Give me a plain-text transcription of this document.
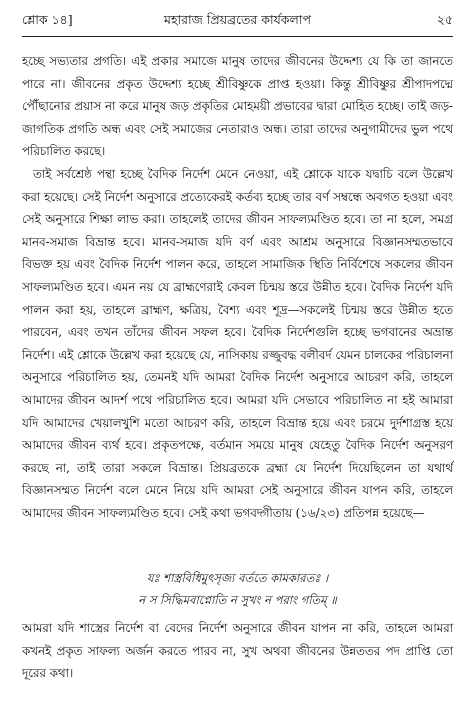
শ্লোক ১৪]	মহারাজ প্রিয়ব্রতের কার্যকলাপ	২৫

হচ্ছে সভ্যতার প্রগতি। এই প্রকার সমাজে মানুষ তাদের জীবনের উদ্দেশ্য যে কি তা জানতে পারে না। জীবনের প্রকৃত উদ্দেশ্য হচ্ছে শ্রীবিষ্ণুকে প্রাপ্ত হওয়া। কিন্তু শ্রীবিষ্ণুর শ্রীপাদপদ্মে পৌঁছানোর প্রয়াস না করে মানুষ জড় প্রকৃতির মোহময়ী প্রভাবের দ্বারা মোহিত হচ্ছে। তাই জড়-জাগতিক প্রগতি অন্ধ এবং সেই সমাজের নেতারাও অন্ধ। তারা তাদের অনুগামীদের ভুল পথে পরিচালিত করছে।

তাই সর্বশ্রেষ্ঠ পন্থা হচ্ছে বৈদিক নির্দেশ মেনে নেওয়া, এই শ্লোকে যাকে যদ্বাচি বলে উল্লেখ করা হয়েছে। সেই নির্দেশ অনুসারে প্রত্যেকেরই কর্তব্য হচ্ছে তার বর্ণ সম্বন্ধে অবগত হওয়া এবং সেই অনুসারে শিক্ষা লাভ করা। তাহলেই তাদের জীবন সাফল্যমণ্ডিত হবে। তা না হলে, সমগ্র মানব-সমাজ বিভ্রান্ত হবে। মানব-সমাজ যদি বর্ণ এবং আশ্রম অনুসারে বিজ্ঞানসম্মতভাবে বিভক্ত হয় এবং বৈদিক নির্দেশ পালন করে, তাহলে সামাজিক স্থিতি নির্বিশেষে সকলের জীবন সাফল্যমণ্ডিত হবে। এমন নয় যে ব্রাহ্মণেরাই কেবল চিন্ময় স্তরে উন্নীত হবে। বৈদিক নির্দেশ যদি পালন করা হয়, তাহলে ব্রাহ্মণ, ক্ষত্রিয়, বৈশ্য এবং শূদ্র—সকলেই চিন্ময় স্তরে উন্নীত হতে পারবেন, এবং তখন তাঁদের জীবন সফল হবে। বৈদিক নির্দেশগুলি হচ্ছে ভগবানের অভ্রান্ত নির্দেশ। এই শ্লোকে উল্লেখ করা হয়েছে যে, নাসিকায় রজ্জুবদ্ধ বলীবর্দ যেমন চালকের পরিচালনা অনুসারে পরিচালিত হয়, তেমনই যদি আমরা বৈদিক নির্দেশ অনুসারে আচরণ করি, তাহলে আমাদের জীবন আদর্শ পথে পরিচালিত হবে। আমরা যদি সেভাবে পরিচালিত না হই আমারা যদি আমাদের খেয়ালখুশি মতো আচরণ করি, তাহলে বিভ্রান্ত হয়ে এবং চরমে দুর্দশাগ্রস্ত হয়ে আমাদের জীবন ব্যর্থ হবে। প্রকৃতপক্ষে, বর্তমান সময়ে মানুষ যেহেতু বৈদিক নির্দেশ অনুসরণ করছে না, তাই তারা সকলে বিভ্রান্ত। প্রিয়ব্রতকে ব্রহ্মা যে নির্দেশ দিয়েছিলেন তা যথার্থ বিজ্ঞানসম্মত নির্দেশ বলে মেনে নিয়ে যদি আমরা সেই অনুসারে জীবন যাপন করি, তাহলে আমাদের জীবন সাফল্যমণ্ডিত হবে। সেই কথা ভগবদ্গীতায় (১৬/২৩) প্রতিপন্ন হয়েছে—

যঃ শাস্ত্রবিধিমুৎসৃজ্য বর্ততে কামকারতঃ ।
ন স সিদ্ধিমবাপ্নোতি ন সুখং ন পরাং গতিম্ ॥

আমরা যদি শাস্ত্রের নির্দেশ বা বেদের নির্দেশ অনুসারে জীবন যাপন না করি, তাহলে আমরা কখনই প্রকৃত সাফল্য অর্জন করতে পারব না, সুখ অথবা জীবনের উন্নততর পদ প্রাপ্তি তো দূরের কথা।
